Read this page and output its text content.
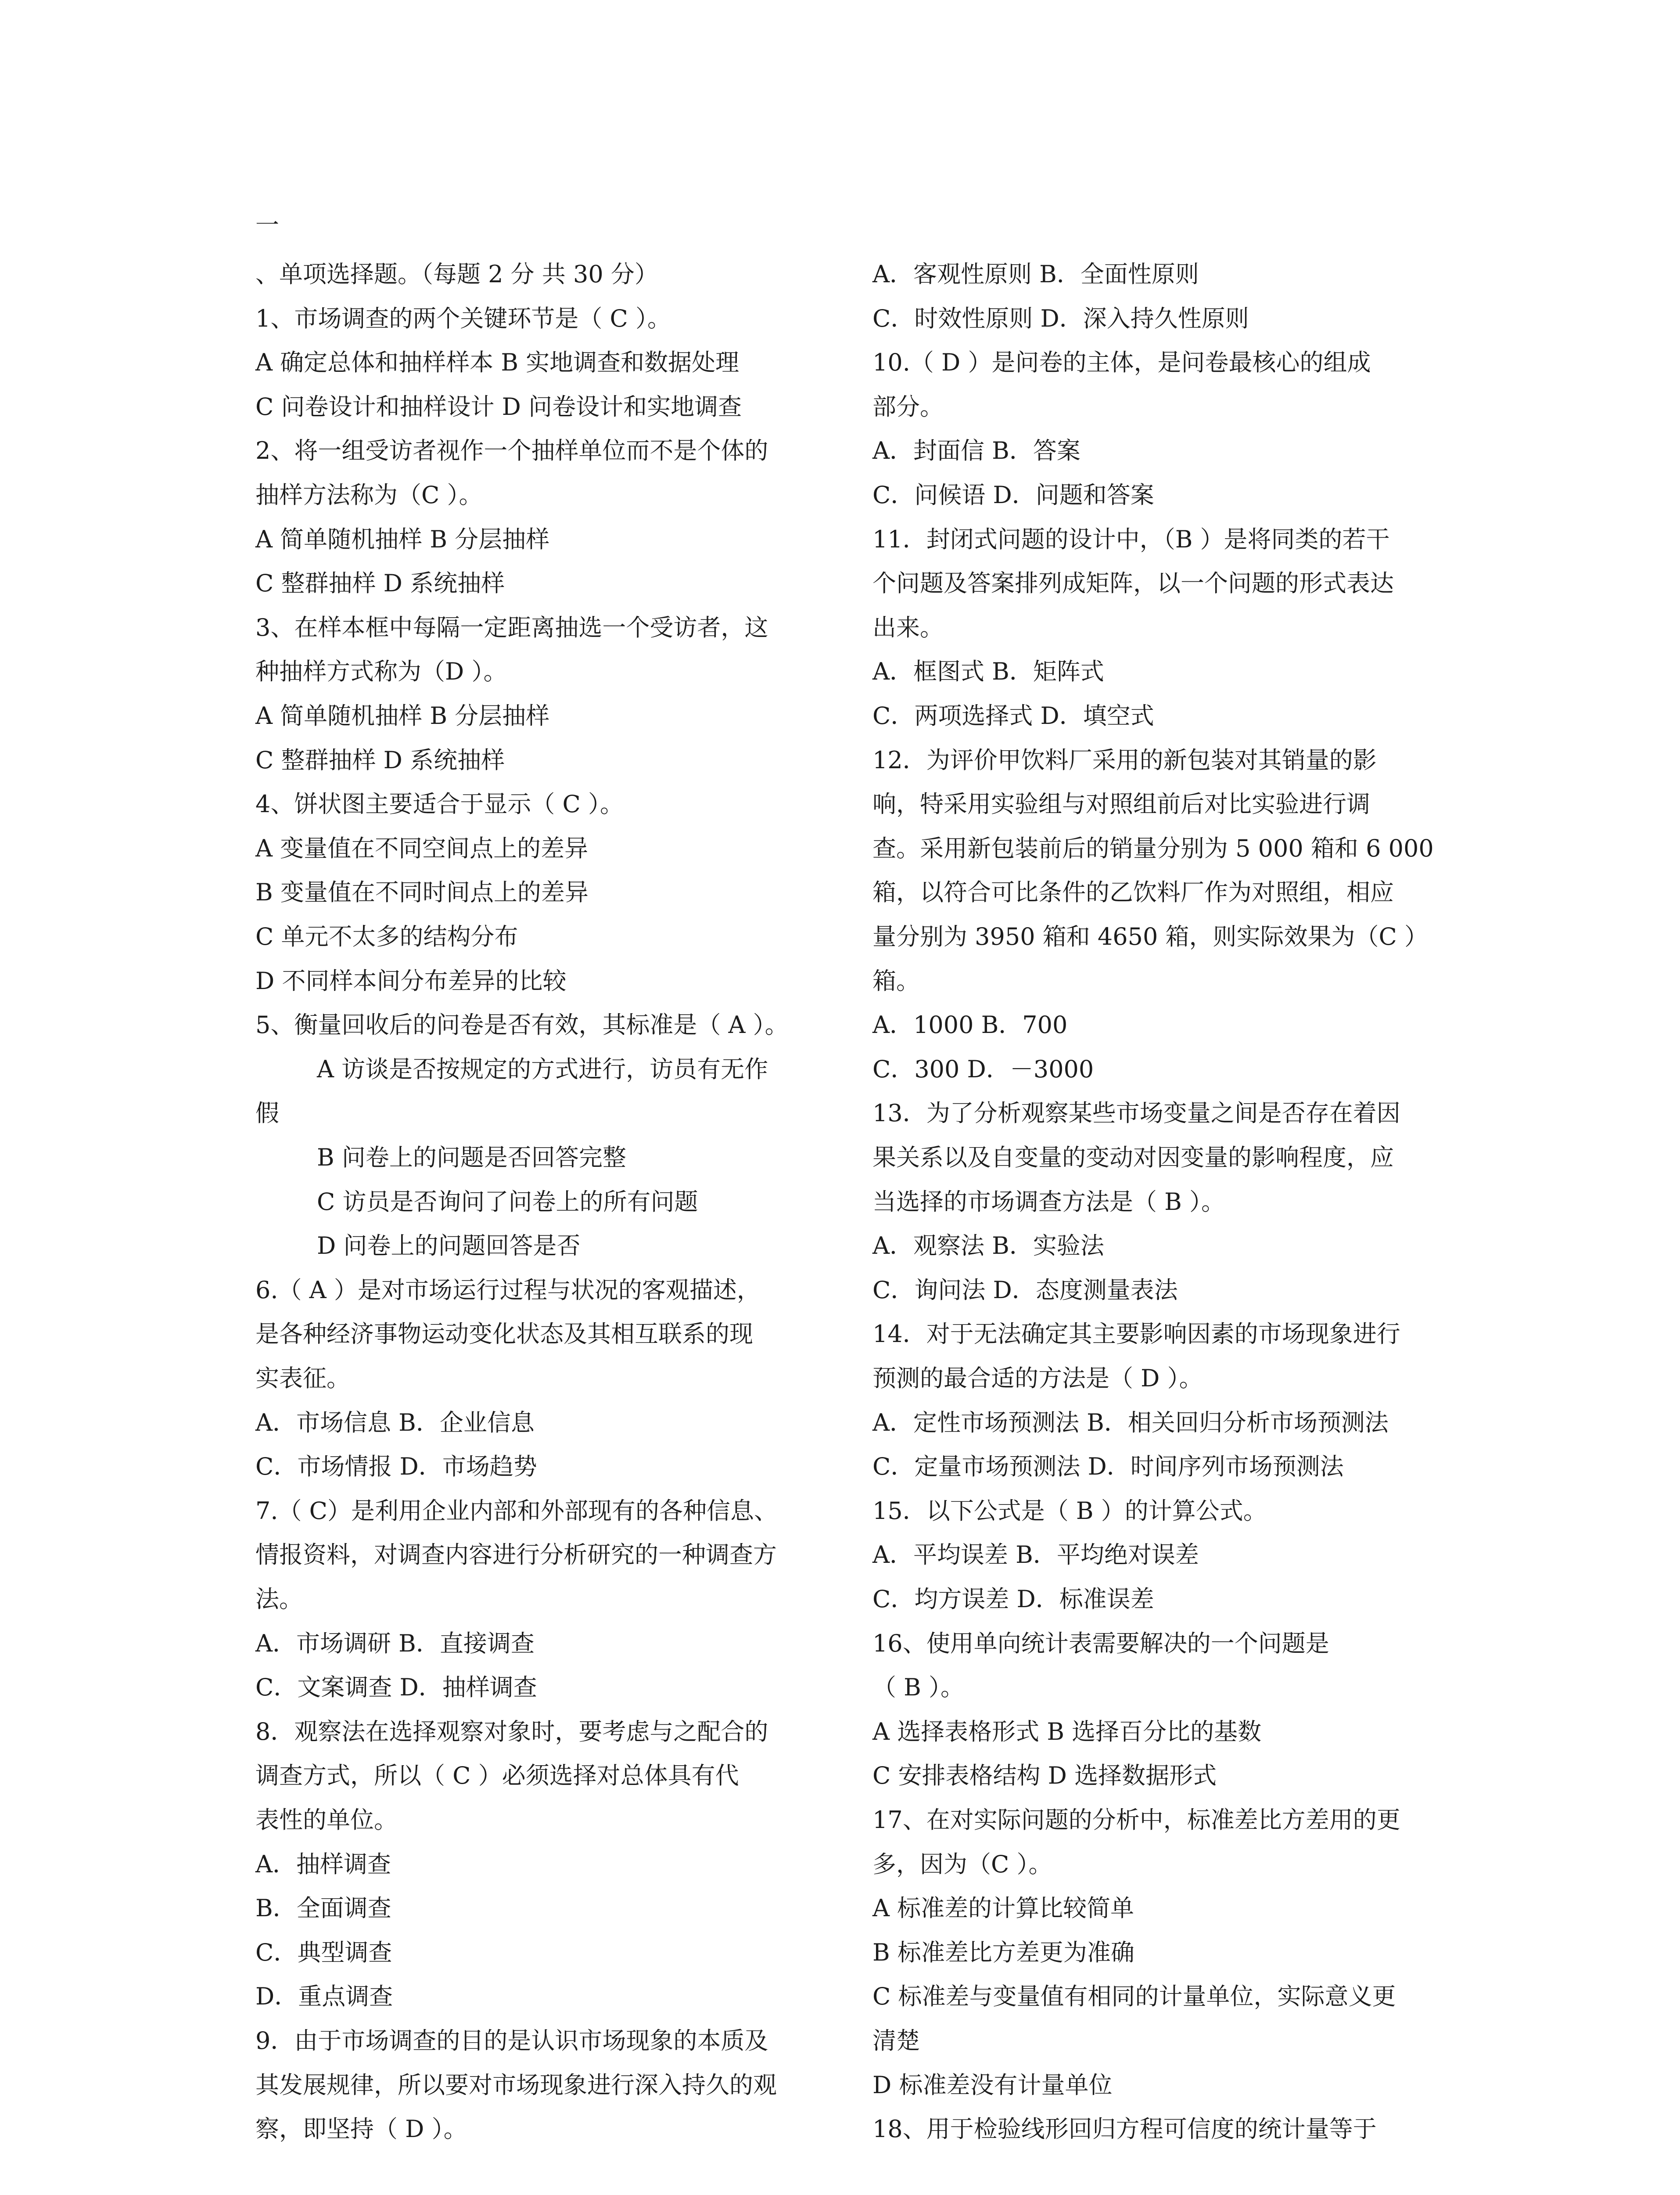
一
、单项选择题。（每题 2 分 共 30 分）
1、市场调查的两个关键环节是（ C ）。
A 确定总体和抽样样本 B 实地调查和数据处理
C 问卷设计和抽样设计 D 问卷设计和实地调查
2、将一组受访者视作一个抽样单位而不是个体的
抽样方法称为（C ）。
A 简单随机抽样 B 分层抽样
C 整群抽样 D 系统抽样
3、在样本框中每隔一定距离抽选一个受访者，这
种抽样方式称为（D ）。
A 简单随机抽样 B 分层抽样
C 整群抽样 D 系统抽样
4、饼状图主要适合于显示（ C ）。
A 变量值在不同空间点上的差异
B 变量值在不同时间点上的差异
C 单元不太多的结构分布
D 不同样本间分布差异的比较
5、衡量回收后的问卷是否有效，其标准是（ A ）。
A 访谈是否按规定的方式进行，访员有无作
假
B 问卷上的问题是否回答完整
C 访员是否询问了问卷上的所有问题
D 问卷上的问题回答是否
6.（ A ）是对市场运行过程与状况的客观描述，
是各种经济事物运动变化状态及其相互联系的现
实表征。
A．市场信息 B．企业信息
C．市场情报 D．市场趋势
7.（ C）是利用企业内部和外部现有的各种信息、
情报资料，对调查内容进行分析研究的一种调查方
法。
A．市场调研 B．直接调查
C．文案调查 D．抽样调查
8．观察法在选择观察对象时，要考虑与之配合的
调查方式，所以（ C ）必须选择对总体具有代
表性的单位。
A．抽样调查
B．全面调查
C．典型调查
D．重点调查
9．由于市场调查的目的是认识市场现象的本质及
其发展规律，所以要对市场现象进行深入持久的观
察，即坚持（ D ）。
A．客观性原则 B．全面性原则
C．时效性原则 D．深入持久性原则
10.（ D ）是问卷的主体，是问卷最核心的组成
部分。
A．封面信 B．答案
C．问候语 D．问题和答案
11．封闭式问题的设计中，（B ）是将同类的若干
个问题及答案排列成矩阵，以一个问题的形式表达
出来。
A．框图式 B．矩阵式
C．两项选择式 D．填空式
12．为评价甲饮料厂采用的新包装对其销量的影
响，特采用实验组与对照组前后对比实验进行调
查。采用新包装前后的销量分别为 5 000 箱和 6 000
箱，以符合可比条件的乙饮料厂作为对照组，相应
量分别为 3950 箱和 4650 箱，则实际效果为（C ）
箱。
A．1000 B．700
C．300 D．－3000
13．为了分析观察某些市场变量之间是否存在着因
果关系以及自变量的变动对因变量的影响程度，应
当选择的市场调查方法是（ B ）。
A．观察法 B．实验法
C．询问法 D．态度测量表法
14．对于无法确定其主要影响因素的市场现象进行
预测的最合适的方法是（ D ）。
A．定性市场预测法 B．相关回归分析市场预测法
C．定量市场预测法 D．时间序列市场预测法
15．以下公式是（ B ）的计算公式。
A．平均误差 B．平均绝对误差
C．均方误差 D．标准误差
16、使用单向统计表需要解决的一个问题是
（ B ）。
A 选择表格形式 B 选择百分比的基数
C 安排表格结构 D 选择数据形式
17、在对实际问题的分析中，标准差比方差用的更
多，因为（C ）。
A 标准差的计算比较简单
B 标准差比方差更为准确
C 标准差与变量值有相同的计量单位，实际意义更
清楚
D 标准差没有计量单位
18、用于检验线形回归方程可信度的统计量等于
